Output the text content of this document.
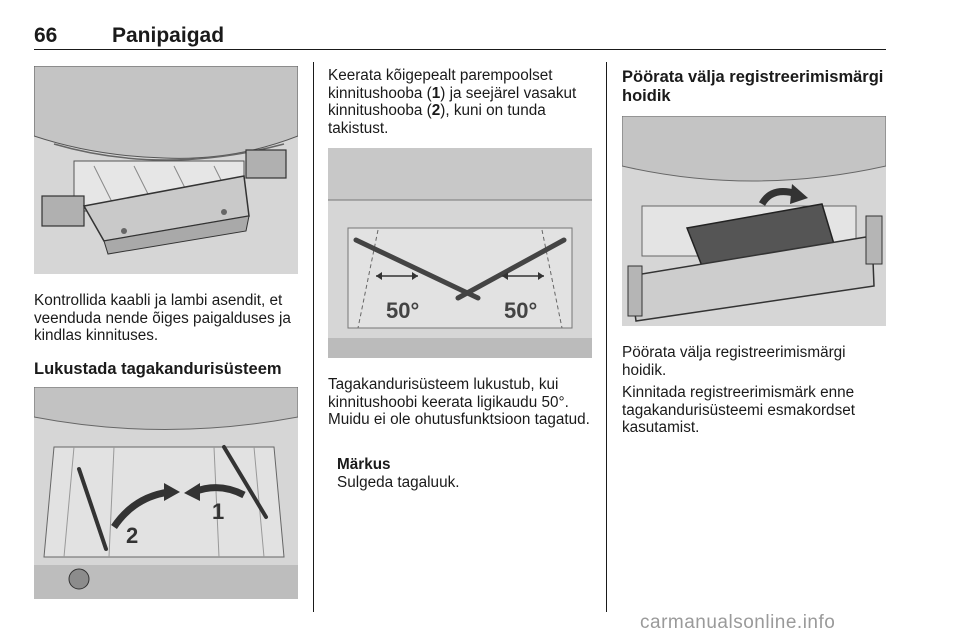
66	Panipaigad
Kontrollida kaabli ja lambi asendit, et veenduda nende õiges paigalduses ja kindlas kinnituses.
Lukustada tagakandurisüsteem
2
1
Keerata kõigepealt parempoolset kinnitushooba (1) ja seejärel vasakut kinnitushooba (2), kuni on tunda takistust.
50°	50°
Tagakandurisüsteem lukustub, kui kinnitushoobi keerata ligikaudu 50°. Muidu ei ole ohutusfunktsioon tagatud.
Märkus
Sulgeda tagaluuk.
Pöörata välja registreerimismärgi hoidik
Pöörata välja registreerimismärgi hoidik.
Kinnitada registreerimismärk enne tagakandurisüsteemi esmakordset kasutamist.
carmanualsonline.info
